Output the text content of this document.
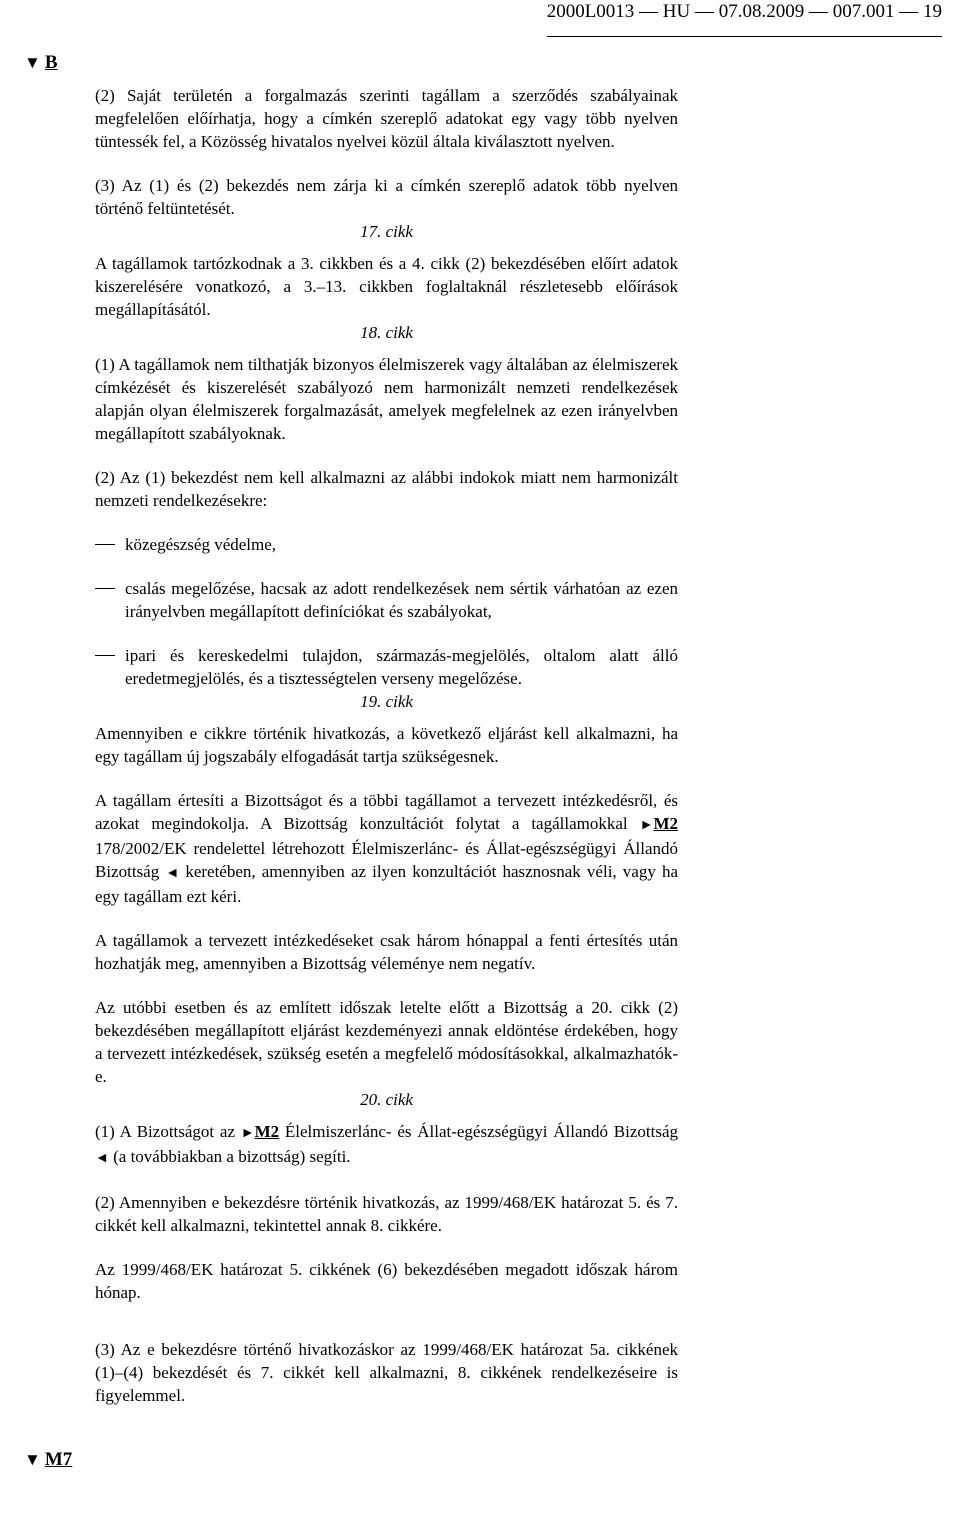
2000L0013 — HU — 07.08.2009 — 007.001 — 19
▼ B
▼ M7

(2) Saját területén a forgalmazás szerinti tagállam a szerződés szabályainak megfelelően előírhatja, hogy a címkén szereplő adatokat egy vagy több nyelven tüntessék fel, a Közösség hivatalos nyelvei közül általa kiválasztott nyelven.

(3) Az (1) és (2) bekezdés nem zárja ki a címkén szereplő adatok több nyelven történő feltüntetését.

17. cikk

A tagállamok tartózkodnak a 3. cikkben és a 4. cikk (2) bekezdésében előírt adatok kiszerelésére vonatkozó, a 3.–13. cikkben foglaltaknál részletesebb előírások megállapításától.

18. cikk

(1) A tagállamok nem tilthatják bizonyos élelmiszerek vagy általában az élelmiszerek címkézését és kiszerelését szabályozó nem harmonizált nemzeti rendelkezések alapján olyan élelmiszerek forgalmazását, amelyek megfelelnek az ezen irányelvben megállapított szabályoknak.

(2) Az (1) bekezdést nem kell alkalmazni az alábbi indokok miatt nem harmonizált nemzeti rendelkezésekre:

közegészség védelme,
csalás megelőzése, hacsak az adott rendelkezések nem sértik várhatóan az ezen irányelvben megállapított definíciókat és szabályokat,
ipari és kereskedelmi tulajdon, származás-megjelölés, oltalom alatt álló eredetmegjelölés, és a tisztességtelen verseny megelőzése.

19. cikk

Amennyiben e cikkre történik hivatkozás, a következő eljárást kell alkalmazni, ha egy tagállam új jogszabály elfogadását tartja szükségesnek.

A tagállam értesíti a Bizottságot és a többi tagállamot a tervezett intézkedésről, és azokat megindokolja. A Bizottság konzultációt folytat a tagállamokkal ►M2 178/2002/EK rendelettel létrehozott Élelmiszerlánc- és Állat-egészségügyi Állandó Bizottság ◄ keretében, amennyiben az ilyen konzultációt hasznosnak véli, vagy ha egy tagállam ezt kéri.

A tagállamok a tervezett intézkedéseket csak három hónappal a fenti értesítés után hozhatják meg, amennyiben a Bizottság véleménye nem negatív.

Az utóbbi esetben és az említett időszak letelte előtt a Bizottság a 20. cikk (2) bekezdésében megállapított eljárást kezdeményezi annak eldöntése érdekében, hogy a tervezett intézkedések, szükség esetén a megfelelő módosításokkal, alkalmazhatók-e.

20. cikk

(1) A Bizottságot az ►M2 Élelmiszerlánc- és Állat-egészségügyi Állandó Bizottság ◄ (a továbbiakban a bizottság) segíti.

(2) Amennyiben e bekezdésre történik hivatkozás, az 1999/468/EK határozat 5. és 7. cikkét kell alkalmazni, tekintettel annak 8. cikkére.

Az 1999/468/EK határozat 5. cikkének (6) bekezdésében megadott időszak három hónap.

(3) Az e bekezdésre történő hivatkozáskor az 1999/468/EK határozat 5a. cikkének (1)–(4) bekezdését és 7. cikkét kell alkalmazni, 8. cikkének rendelkezéseire is figyelemmel.
